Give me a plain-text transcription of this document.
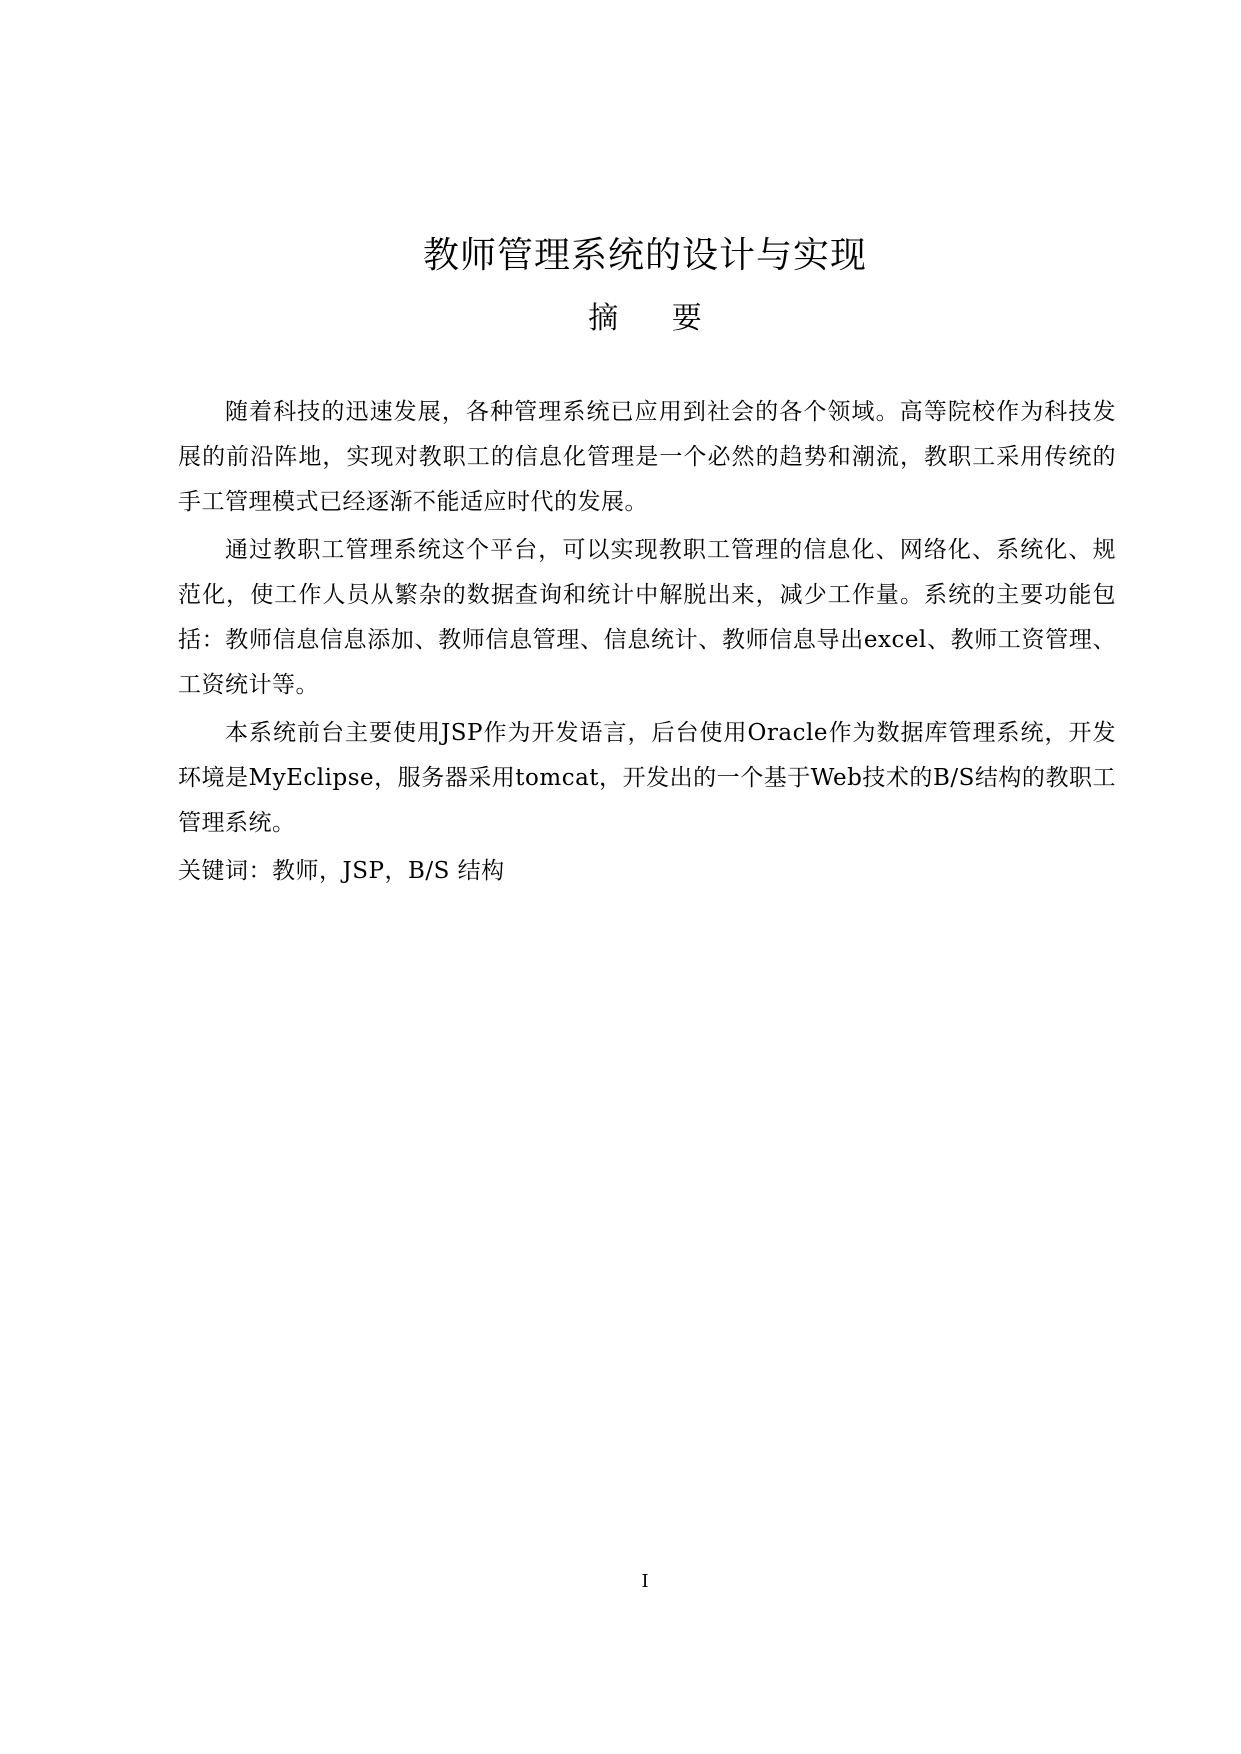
教师管理系统的设计与实现
摘 要

随着科技的迅速发展，各种管理系统已应用到社会的各个领域。高等院校作为科技发展的前沿阵地，实现对教职工的信息化管理是一个必然的趋势和潮流，教职工采用传统的手工管理模式已经逐渐不能适应时代的发展。

通过教职工管理系统这个平台，可以实现教职工管理的信息化、网络化、系统化、规范化，使工作人员从繁杂的数据查询和统计中解脱出来，减少工作量。系统的主要功能包括：教师信息信息添加、教师信息管理、信息统计、教师信息导出excel、教师工资管理、工资统计等。

本系统前台主要使用JSP作为开发语言，后台使用Oracle作为数据库管理系统，开发环境是MyEclipse，服务器采用tomcat，开发出的一个基于Web技术的B/S结构的教职工管理系统。

关键词：教师，JSP，B/S 结构

I
